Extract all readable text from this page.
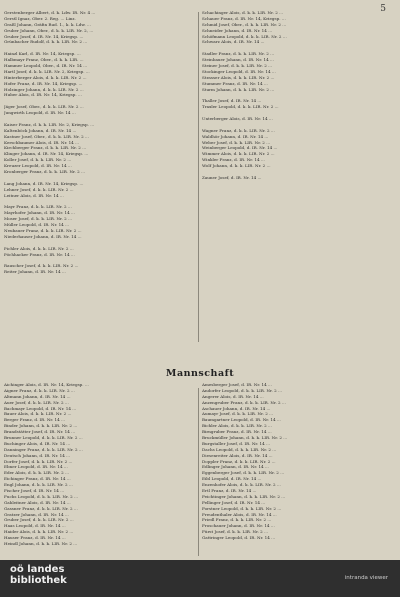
5
Gerstenberger Albert, d. k. Ldw. IR. Nr. 4 ...
Gerstl Ignaz, Ober. 2. Reg. ... Linz.
Graßl Johann, Gräfin Rud. 1., k. k. Ldw. ...
Gruber Johann, Ober., d. k. k. LIR. Nr. 2, ...
Gruber Josef, d. IR. Nr. 14, Kriegsp. ...
Grünbacher Rudolf, d. k. k. LIR. Nr. 2 ...
Hainzl Karl, d. IR. Nr. 14, Kriegsp. ...
Halbmayr Franz, Ober., d. k. k. LIR. ...
Hammer Leopold, Ober., d. IR. Nr. 14 ...
Hartl Josef, d. k. k. LIR. Nr. 2, Kriegsp. ...
Hinterberger Alois, d. k. k. LIR. Nr. 2 ...
Hofer Franz, d. IR. Nr. 14, Kriegsp. ...
Holzinger Johann, d. k. k. LIR. Nr. 2 ...
Huber Alois, d. IR. Nr. 14, Kriegsp. ...
Jäger Josef, Ober., d. k. k. LIR. Nr. 2 ...
Jungwirth Leopold, d. IR. Nr. 14 ...
Kaiser Franz, d. k. k. LIR. Nr. 2, Kriegsp. ...
Kaltenböck Johann, d. IR. Nr. 14 ...
Kastner Josef, Ober., d. k. k. LIR. Nr. 2 ...
Kerschbaumer Alois, d. IR. Nr. 14 ...
Kirchberger Franz, d. k. k. LIR. Nr. 2 ...
Klinger Johann, d. IR. Nr. 14, Kriegsp. ...
Koller Josef, d. k. k. LIR. Nr. 2 ...
Kreuzer Leopold, d. IR. Nr. 14 ...
Kronberger Franz, d. k. k. LIR. Nr. 2 ...
Lang Johann, d. IR. Nr. 14, Kriegsp. ...
Lehner Josef, d. k. k. LIR. Nr. 2 ...
Leitner Alois, d. IR. Nr. 14 ...
Mayr Franz, d. k. k. LIR. Nr. 2 ...
Mayrhofer Johann, d. IR. Nr. 14 ...
Moser Josef, d. k. k. LIR. Nr. 2 ...
Müller Leopold, d. IR. Nr. 14 ...
Neubauer Franz, d. k. k. LIR. Nr. 2 ...
Niederhauser Johann, d. IR. Nr. 14 ...
Pichler Alois, d. k. k. LIR. Nr. 2 ...
Pöchhacker Franz, d. IR. Nr. 14 ...
Rauscher Josef, d. k. k. LIR. Nr. 2 ...
Reiter Johann, d. IR. Nr. 14 ...
Schachinger Alois, d. k. k. LIR. Nr. 2 ...
Schauer Franz, d. IR. Nr. 14, Kriegsp. ...
Schmid Josef, Ober., d. k. k. LIR. Nr. 2 ...
Schneider Johann, d. IR. Nr. 14 ...
Schöfmann Leopold, d. k. k. LIR. Nr. 2 ...
Schwarz Alois, d. IR. Nr. 14 ...
Stadler Franz, d. k. k. LIR. Nr. 2 ...
Steinbauer Johann, d. IR. Nr. 14 ...
Steiner Josef, d. k. k. LIR. Nr. 2 ...
Stockinger Leopold, d. IR. Nr. 14 ...
Strasser Alois, d. k. k. LIR. Nr. 2 ...
Stummer Franz, d. IR. Nr. 14 ...
Sturm Johann, d. k. k. LIR. Nr. 2 ...
Thaller Josef, d. IR. Nr. 14 ...
Traxler Leopold, d. k. k. LIR. Nr. 2 ...
Unterberger Alois, d. IR. Nr. 14 ...
Wagner Franz, d. k. k. LIR. Nr. 2 ...
Waldhör Johann, d. IR. Nr. 14 ...
Weber Josef, d. k. k. LIR. Nr. 2 ...
Weinberger Leopold, d. IR. Nr. 14 ...
Wimmer Alois, d. k. k. LIR. Nr. 2 ...
Winkler Franz, d. IR. Nr. 14 ...
Wolf Johann, d. k. k. LIR. Nr. 2 ...
Zauner Josef, d. IR. Nr. 14 ...
Mannschaft
Aichinger Alois, d. IR. Nr. 14, Kriegsp. ...
Aigner Franz, d. k. k. LIR. Nr. 2 ...
Altmann Johann, d. IR. Nr. 14 ...
Auer Josef, d. k. k. LIR. Nr. 2 ...
Bachmayr Leopold, d. IR. Nr. 14 ...
Bauer Alois, d. k. k. LIR. Nr. 2 ...
Berger Franz, d. IR. Nr. 14 ...
Binder Johann, d. k. k. LIR. Nr. 2 ...
Brandstätter Josef, d. IR. Nr. 14 ...
Brunner Leopold, d. k. k. LIR. Nr. 2 ...
Buchinger Alois, d. IR. Nr. 14 ...
Danninger Franz, d. k. k. LIR. Nr. 2 ...
Deutsch Johann, d. IR. Nr. 14 ...
Dorfer Josef, d. k. k. LIR. Nr. 2 ...
Ebner Leopold, d. IR. Nr. 14 ...
Eder Alois, d. k. k. LIR. Nr. 2 ...
Eichinger Franz, d. IR. Nr. 14 ...
Engl Johann, d. k. k. LIR. Nr. 2 ...
Fischer Josef, d. IR. Nr. 14 ...
Fuchs Leopold, d. k. k. LIR. Nr. 2 ...
Gahleitner Alois, d. IR. Nr. 14 ...
Gassner Franz, d. k. k. LIR. Nr. 2 ...
Gratzer Johann, d. IR. Nr. 14 ...
Gruber Josef, d. k. k. LIR. Nr. 2 ...
Haas Leopold, d. IR. Nr. 14 ...
Haider Alois, d. k. k. LIR. Nr. 2 ...
Hauser Franz, d. IR. Nr. 14 ...
Heindl Johann, d. k. k. LIR. Nr. 2 ...
Amesberger Josef, d. IR. Nr. 14 ...
Andorfer Leopold, d. k. k. LIR. Nr. 2 ...
Angerer Alois, d. IR. Nr. 14 ...
Anzengruber Franz, d. k. k. LIR. Nr. 2 ...
Aschauer Johann, d. IR. Nr. 14 ...
Aumayr Josef, d. k. k. LIR. Nr. 2 ...
Baumgartner Leopold, d. IR. Nr. 14 ...
Bichler Alois, d. k. k. LIR. Nr. 2 ...
Birngruber Franz, d. IR. Nr. 14 ...
Bruckmüller Johann, d. k. k. LIR. Nr. 2 ...
Burgstaller Josef, d. IR. Nr. 14 ...
Dachs Leopold, d. k. k. LIR. Nr. 2 ...
Diesenreiter Alois, d. IR. Nr. 14 ...
Doppler Franz, d. k. k. LIR. Nr. 2 ...
Edlinger Johann, d. IR. Nr. 14 ...
Eggenberger Josef, d. k. k. LIR. Nr. 2 ...
Eibl Leopold, d. IR. Nr. 14 ...
Enzenhofer Alois, d. k. k. LIR. Nr. 2 ...
Ertl Franz, d. IR. Nr. 14 ...
Feichtinger Johann, d. k. k. LIR. Nr. 2 ...
Fellinger Josef, d. IR. Nr. 14 ...
Forstner Leopold, d. k. k. LIR. Nr. 2 ...
Freudenthaler Alois, d. IR. Nr. 14 ...
Friedl Franz, d. k. k. LIR. Nr. 2 ...
Froschauer Johann, d. IR. Nr. 14 ...
Fürst Josef, d. k. k. LIR. Nr. 2 ...
Gattringer Leopold, d. IR. Nr. 14 ...
oö landes
bibliothek	intranda viewer
